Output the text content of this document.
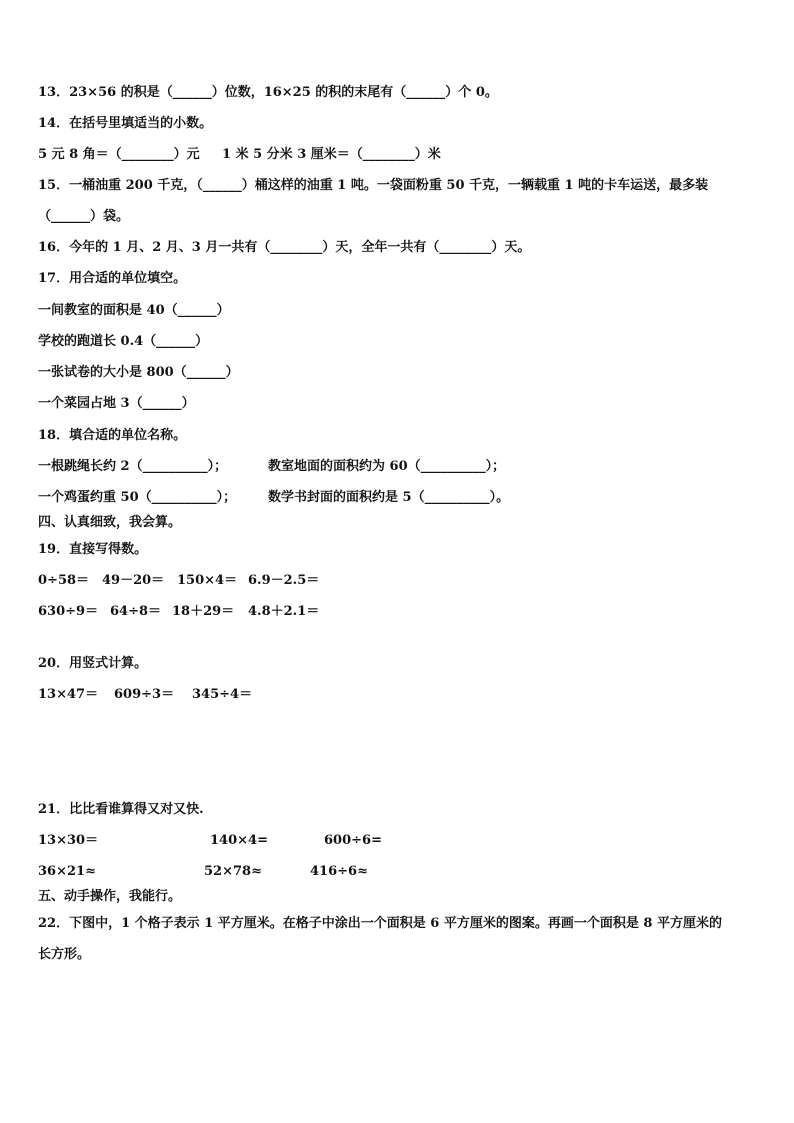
13．23×56 的积是（______）位数，16×25 的积的末尾有（______）个 0。

14．在括号里填适当的小数。

5 元 8 角＝（________）元 1 米 5 分米 3 厘米＝（________）米

15．一桶油重 200 千克，（______）桶这样的油重 1 吨。一袋面粉重 50 千克，一辆载重 1 吨的卡车运送，最多装

（______）袋。

16．今年的 1 月、2 月、3 月一共有（________）天，全年一共有（________）天。

17．用合适的单位填空。

一间教室的面积是 40（______）

学校的跑道长 0.4（______）

一张试卷的大小是 800（______）

一个菜园占地 3（______）

18．填合适的单位名称。

一根跳绳长约 2（__________）；	教室地面的面积约为 60（__________）；
一个鸡蛋约重 50（__________）； 数学书封面的面积约是 5（__________）。

四、认真细致，我会算。

19．直接写得数。

0÷58＝ 49－20＝ 150×4＝ 6.9－2.5＝
630÷9＝ 64÷8＝ 18＋29＝ 4.8＋2.1＝

20．用竖式计算。

13×47＝ 609÷3＝ 345÷4＝

21．比比看谁算得又对又快.

13×30＝	140×4=	600÷6=
36×21≈	52×78≈	416÷6≈

五、动手操作，我能行。

22．下图中，1 个格子表示 1 平方厘米。在格子中涂出一个面积是 6 平方厘米的图案。再画一个面积是 8 平方厘米的

长方形。
